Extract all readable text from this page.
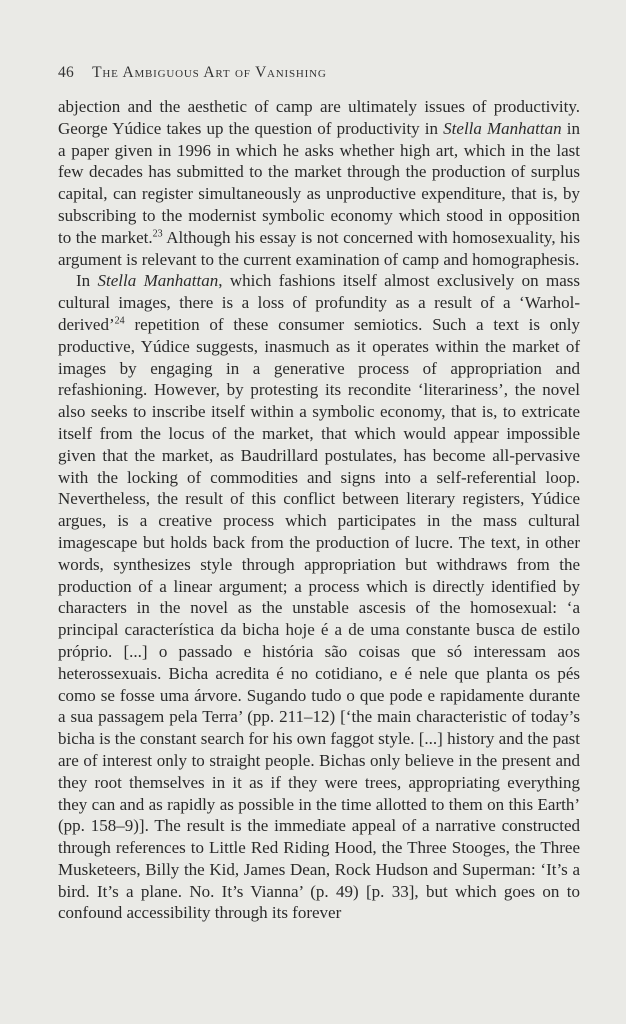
46 The Ambiguous Art of Vanishing

abjection and the aesthetic of camp are ultimately issues of productivity. George Yúdice takes up the question of productivity in Stella Manhattan in a paper given in 1996 in which he asks whether high art, which in the last few decades has submitted to the market through the production of surplus capital, can register simultaneously as unproductive expenditure, that is, by subscribing to the modernist symbolic economy which stood in opposition to the market.$^{23}$ Although his essay is not concerned with homosexuality, his argument is relevant to the current examination of camp and homographesis.

In Stella Manhattan, which fashions itself almost exclusively on mass cultural images, there is a loss of profundity as a result of a ‘Warhol-derived’$^{24}$ repetition of these consumer semiotics. Such a text is only productive, Yúdice suggests, inasmuch as it operates within the market of images by engaging in a generative process of appropriation and refashioning. However, by protesting its recondite ‘literariness’, the novel also seeks to inscribe itself within a symbolic economy, that is, to extricate itself from the locus of the market, that which would appear impossible given that the market, as Baudrillard postulates, has become all-pervasive with the locking of commodities and signs into a self-referential loop. Nevertheless, the result of this conflict between literary registers, Yúdice argues, is a creative process which participates in the mass cultural imagescape but holds back from the production of lucre. The text, in other words, synthesizes style through appropriation but withdraws from the production of a linear argument; a process which is directly identified by characters in the novel as the unstable ascesis of the homosexual: ‘a principal característica da bicha hoje é a de uma constante busca de estilo próprio. [...] o passado e história são coisas que só interessam aos heterossexuais. Bicha acredita é no cotidiano, e é nele que planta os pés como se fosse uma árvore. Sugando tudo o que pode e rapidamente durante a sua passagem pela Terra’ (pp. 211–12) [‘the main characteristic of today’s bicha is the constant search for his own faggot style. [...] history and the past are of interest only to straight people. Bichas only believe in the present and they root themselves in it as if they were trees, appropriating everything they can and as rapidly as possible in the time allotted to them on this Earth’ (pp. 158–9)]. The result is the immediate appeal of a narrative constructed through references to Little Red Riding Hood, the Three Stooges, the Three Musketeers, Billy the Kid, James Dean, Rock Hudson and Superman: ‘It’s a bird. It’s a plane. No. It’s Vianna’ (p. 49) [p. 33], but which goes on to confound accessibility through its forever
